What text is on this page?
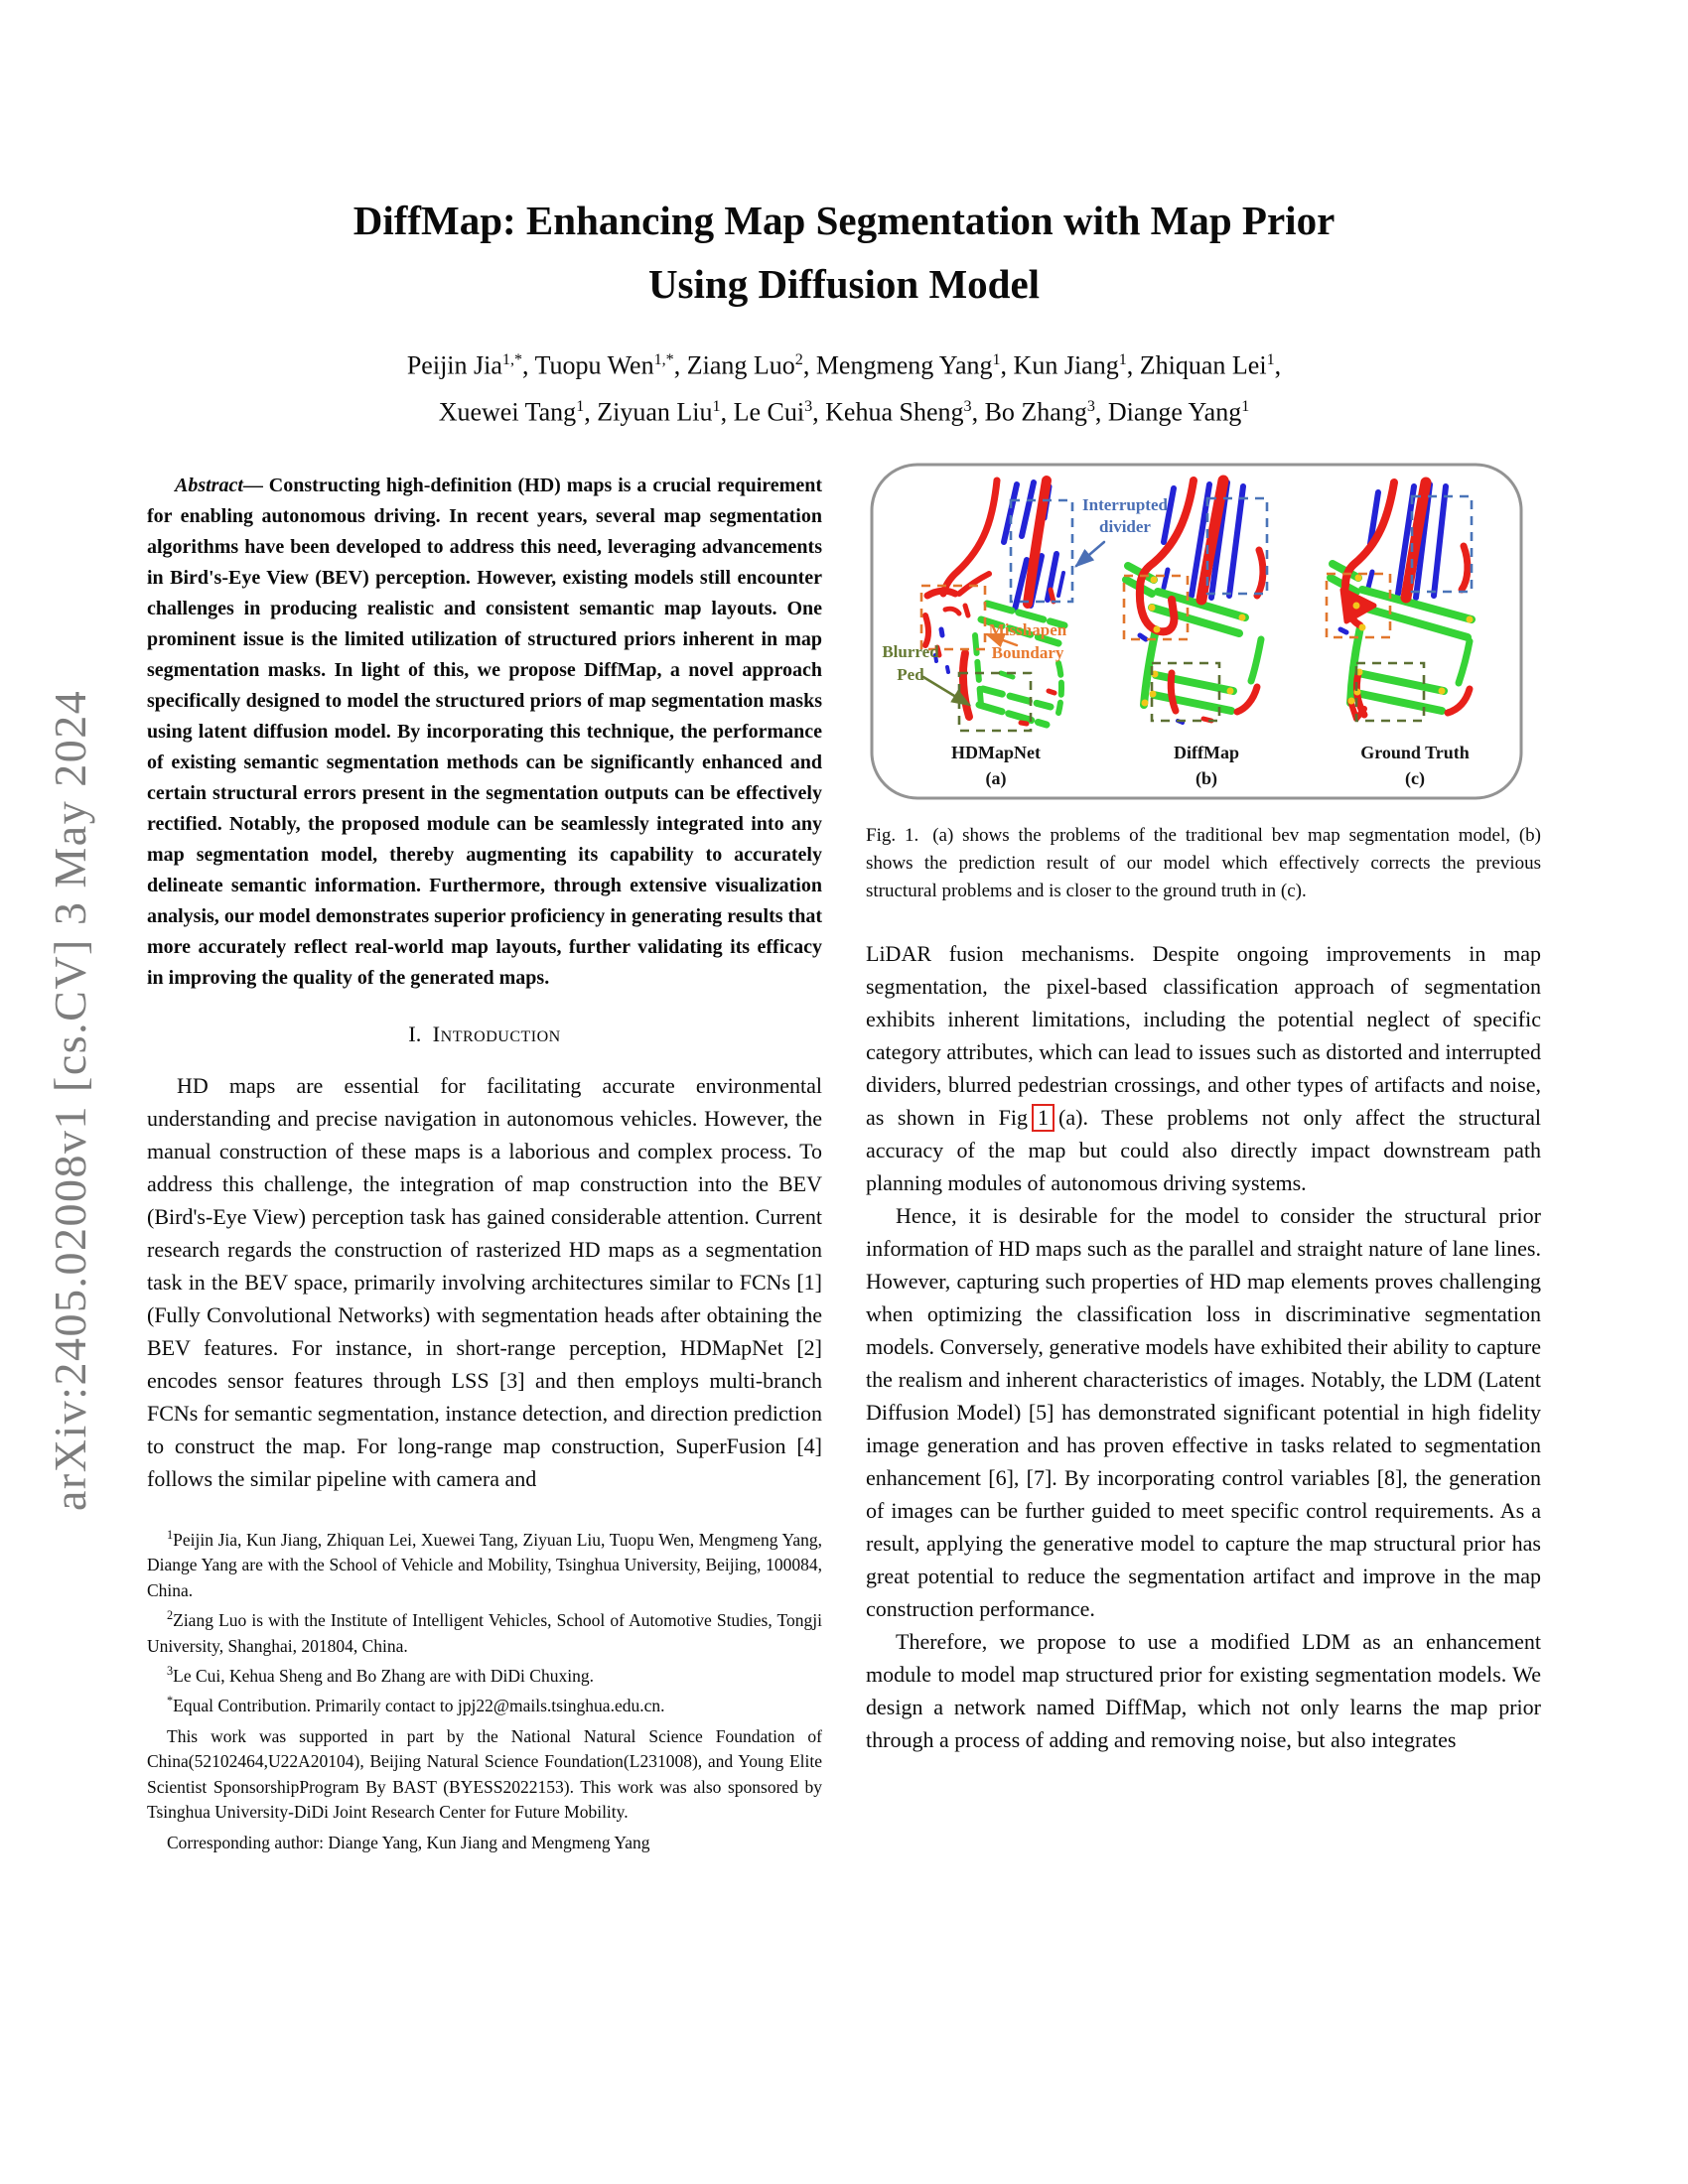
arXiv:2405.02008v1 [cs.CV] 3 May 2024
DiffMap: Enhancing Map Segmentation with Map Prior
Using Diffusion Model
Peijin Jia$^{1,*}$, Tuopu Wen$^{1,*}$, Ziang Luo$^2$, Mengmeng Yang$^1$, Kun Jiang$^1$, Zhiquan Lei$^1$,
Xuewei Tang$^1$, Ziyuan Liu$^1$, Le Cui$^3$, Kehua Sheng$^3$, Bo Zhang$^3$, Diange Yang$^1$

Abstract— Constructing high-definition (HD) maps is a crucial requirement for enabling autonomous driving. In recent years, several map segmentation algorithms have been developed to address this need, leveraging advancements in Bird's-Eye View (BEV) perception. However, existing models still encounter challenges in producing realistic and consistent semantic map layouts. One prominent issue is the limited utilization of structured priors inherent in map segmentation masks. In light of this, we propose DiffMap, a novel approach specifically designed to model the structured priors of map segmentation masks using latent diffusion model. By incorporating this technique, the performance of existing semantic segmentation methods can be significantly enhanced and certain structural errors present in the segmentation outputs can be effectively rectified. Notably, the proposed module can be seamlessly integrated into any map segmentation model, thereby augmenting its capability to accurately delineate semantic information. Furthermore, through extensive visualization analysis, our model demonstrates superior proficiency in generating results that more accurately reflect real-world map layouts, further validating its efficacy in improving the quality of the generated maps.

I. Introduction

HD maps are essential for facilitating accurate environmental understanding and precise navigation in autonomous vehicles. However, the manual construction of these maps is a laborious and complex process. To address this challenge, the integration of map construction into the BEV (Bird's-Eye View) perception task has gained considerable attention. Current research regards the construction of rasterized HD maps as a segmentation task in the BEV space, primarily involving architectures similar to FCNs [1] (Fully Convolutional Networks) with segmentation heads after obtaining the BEV features. For instance, in short-range perception, HDMapNet [2] encodes sensor features through LSS [3] and then employs multi-branch FCNs for semantic segmentation, instance detection, and direction prediction to construct the map. For long-range map construction, SuperFusion [4] follows the similar pipeline with camera and

$^1$Peijin Jia, Kun Jiang, Zhiquan Lei, Xuewei Tang, Ziyuan Liu, Tuopu Wen, Mengmeng Yang, Diange Yang are with the School of Vehicle and Mobility, Tsinghua University, Beijing, 100084, China.

$^2$Ziang Luo is with the Institute of Intelligent Vehicles, School of Automotive Studies, Tongji University, Shanghai, 201804, China.

$^3$Le Cui, Kehua Sheng and Bo Zhang are with DiDi Chuxing.

*Equal Contribution. Primarily contact to jpj22@mails.tsinghua.edu.cn.

This work was supported in part by the National Natural Science Foundation of China(52102464,U22A20104), Beijing Natural Science Foundation(L231008), and Young Elite Scientist SponsorshipProgram By BAST (BYESS2022153). This work was also sponsored by Tsinghua University-DiDi Joint Research Center for Future Mobility.

Corresponding author: Diange Yang, Kun Jiang and Mengmeng Yang

Interrupted
divider
Misshapen
Boundary
Blurred
Ped
HDMapNet
(a)
DiffMap
(b)
Ground Truth
(c)
Fig. 1. (a) shows the problems of the traditional bev map segmentation model, (b) shows the prediction result of our model which effectively corrects the previous structural problems and is closer to the ground truth in (c).

LiDAR fusion mechanisms. Despite ongoing improvements in map segmentation, the pixel-based classification approach of segmentation exhibits inherent limitations, including the potential neglect of specific category attributes, which can lead to issues such as distorted and interrupted dividers, blurred pedestrian crossings, and other types of artifacts and noise, as shown in Fig 1 (a). These problems not only affect the structural accuracy of the map but could also directly impact downstream path planning modules of autonomous driving systems.

Hence, it is desirable for the model to consider the structural prior information of HD maps such as the parallel and straight nature of lane lines. However, capturing such properties of HD map elements proves challenging when optimizing the classification loss in discriminative segmentation models. Conversely, generative models have exhibited their ability to capture the realism and inherent characteristics of images. Notably, the LDM (Latent Diffusion Model) [5] has demonstrated significant potential in high fidelity image generation and has proven effective in tasks related to segmentation enhancement [6], [7]. By incorporating control variables [8], the generation of images can be further guided to meet specific control requirements. As a result, applying the generative model to capture the map structural prior has great potential to reduce the segmentation artifact and improve in the map construction performance.

Therefore, we propose to use a modified LDM as an enhancement module to model map structured prior for existing segmentation models. We design a network named DiffMap, which not only learns the map prior through a process of adding and removing noise, but also integrates
